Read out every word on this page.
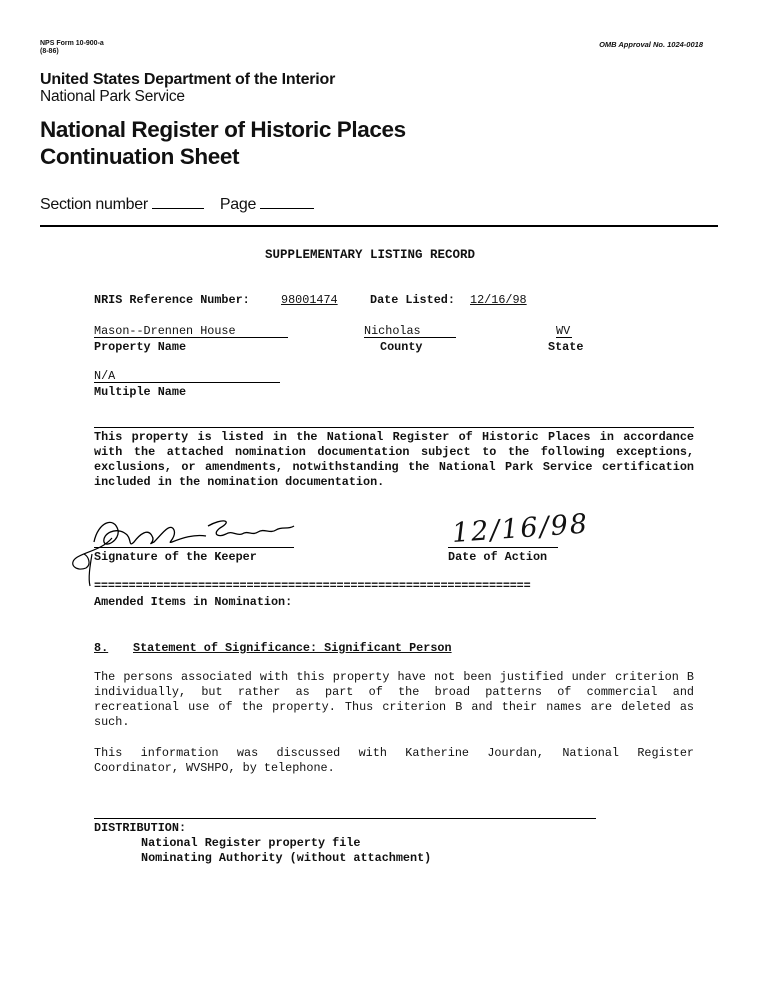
NPS Form 10-900-a
(8-86)
OMB Approval No. 1024-0018
United States Department of the Interior
National Park Service
National Register of Historic Places
Continuation Sheet
Section number	Page
SUPPLEMENTARY LISTING RECORD
NRIS Reference Number:	98001474	Date Listed: 12/16/98
Mason--Drennen House
Property Name
Nicholas
County
WV
State
N/A
Multiple Name
This property is listed in the National Register of Historic Places in accordance with the attached nomination documentation subject to the following exceptions, exclusions, or amendments, notwithstanding the National Park Service certification included in the nomination documentation.
Signature of the Keeper
12/16/98
Date of Action
===============================================================
Amended Items in Nomination:
8. Statement of Significance: Significant Person
The persons associated with this property have not been justified under criterion B individually, but rather as part of the broad patterns of commercial and recreational use of the property. Thus criterion B and their names are deleted as such.
This information was discussed with Katherine Jourdan, National Register Coordinator, WVSHPO, by telephone.
DISTRIBUTION:
National Register property file
Nominating Authority (without attachment)
